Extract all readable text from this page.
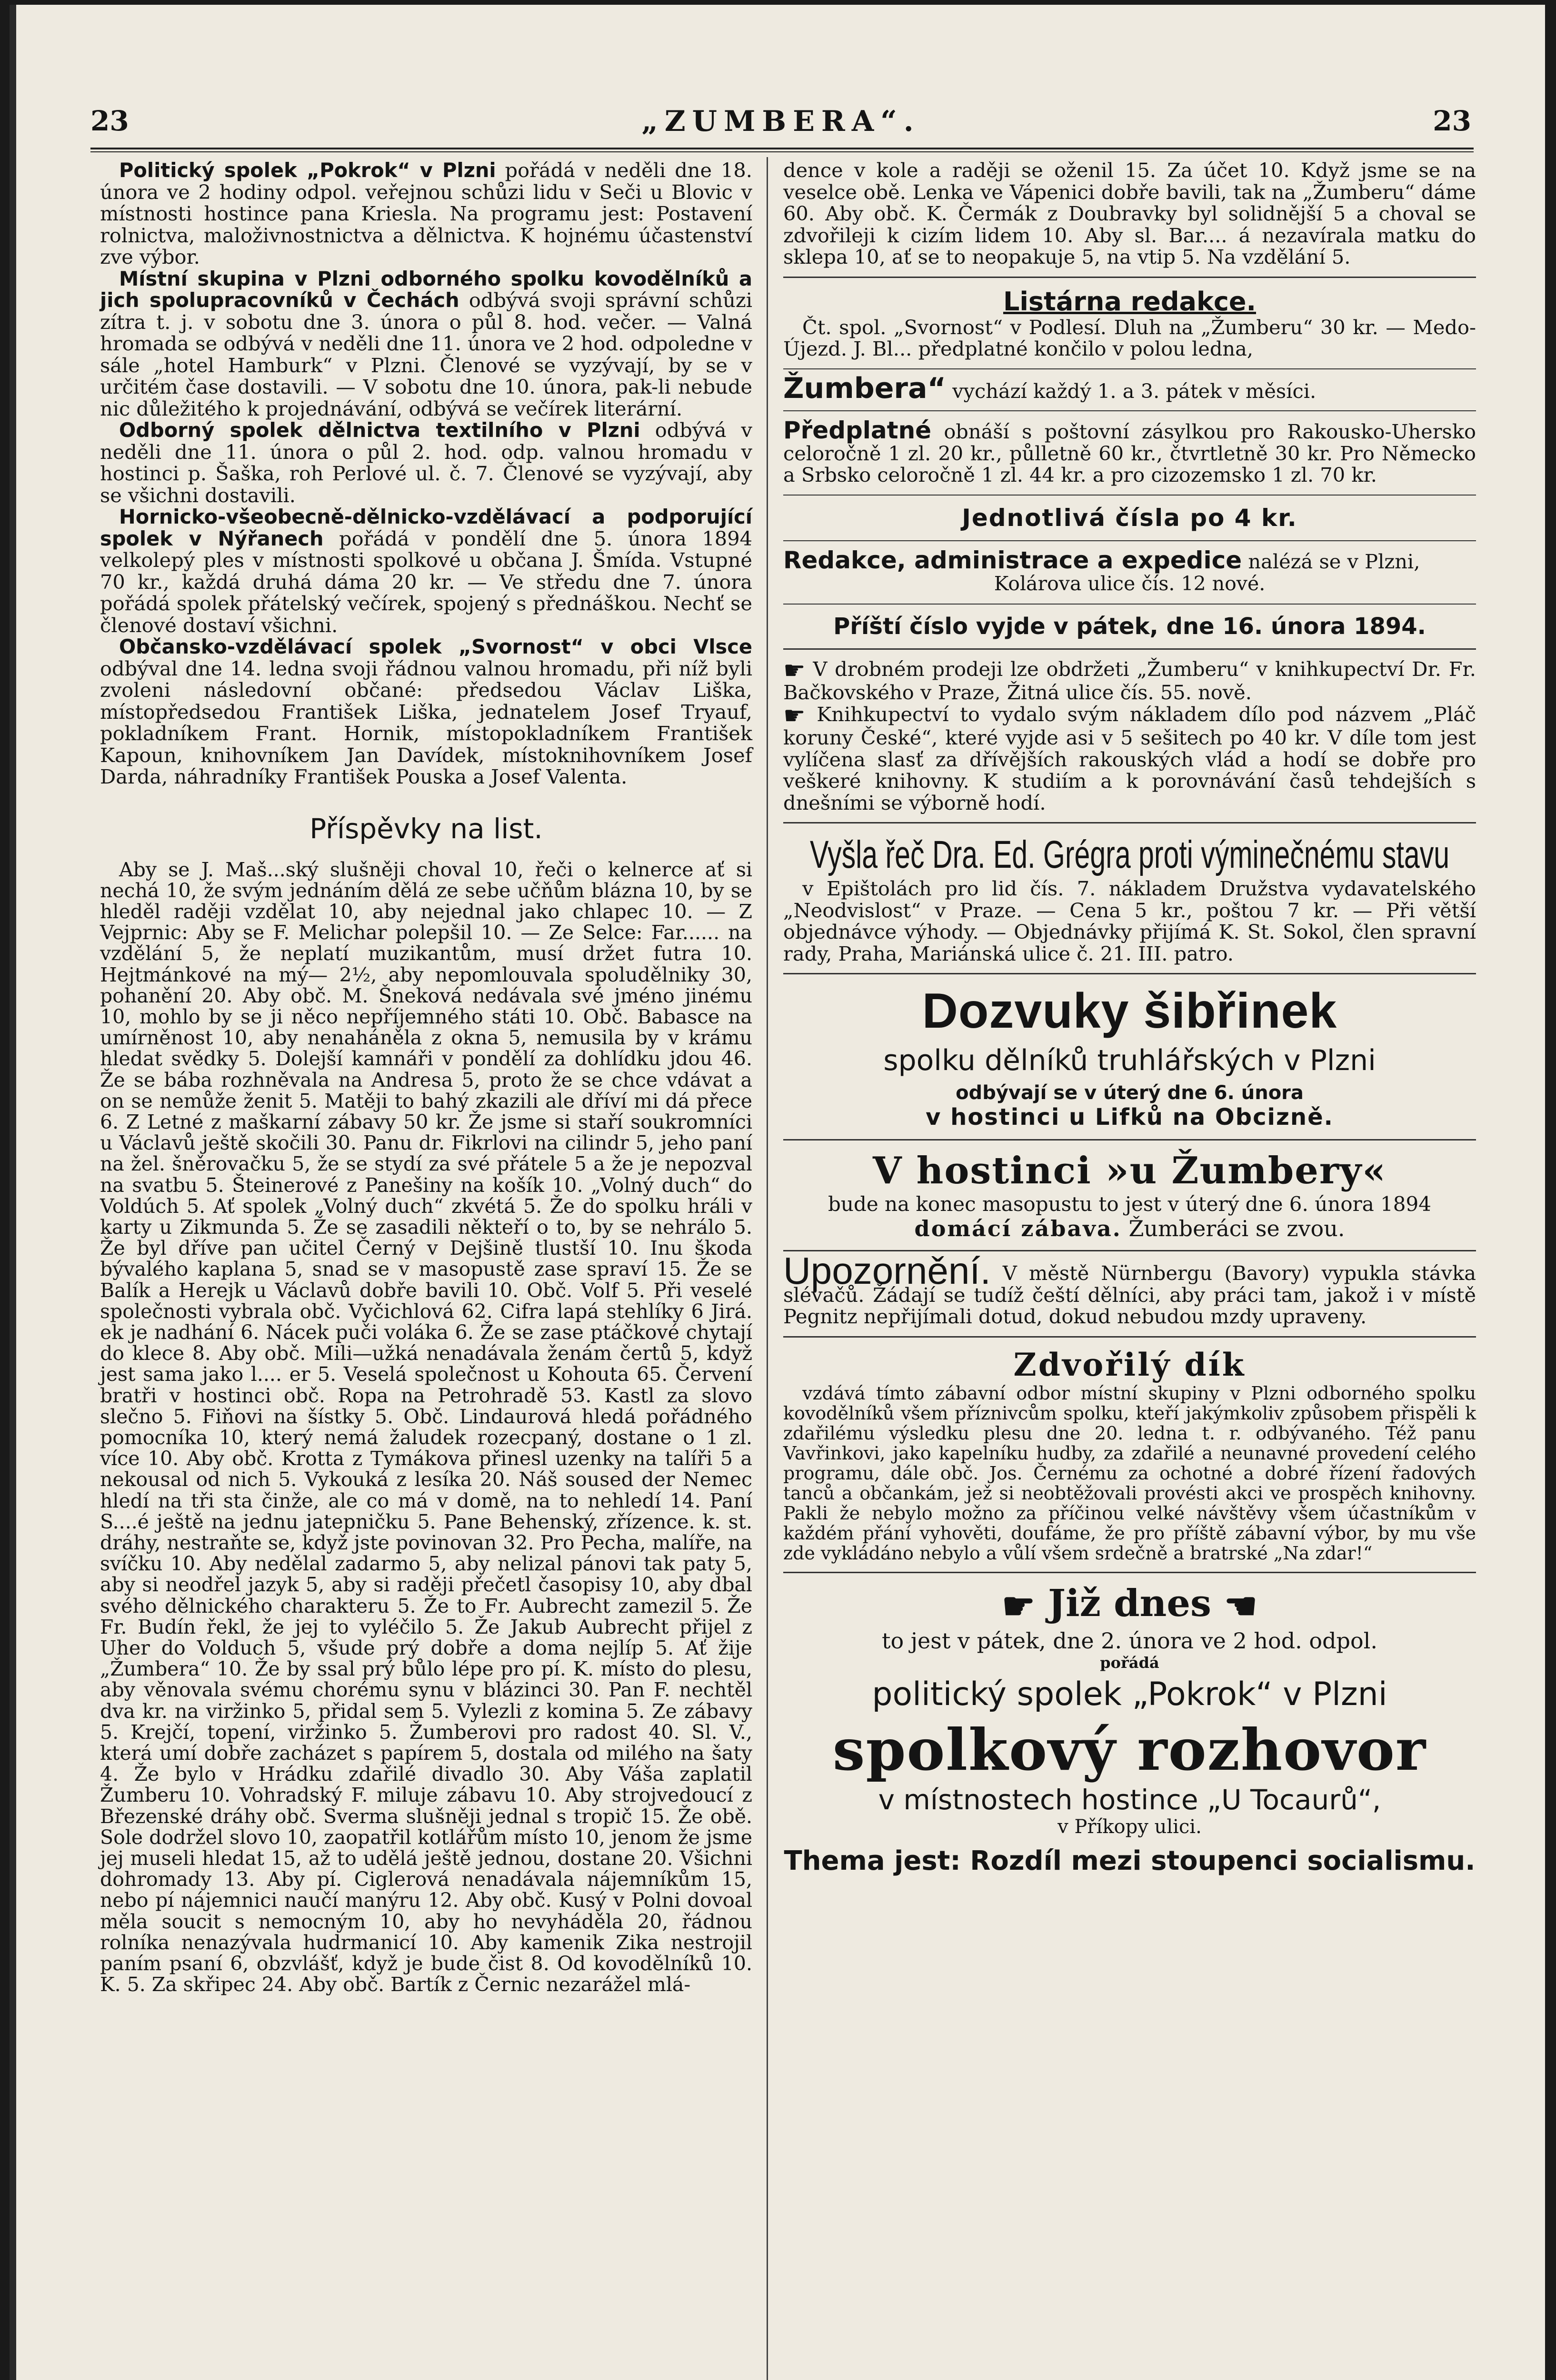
23	„ZUMBERA“.	23

Politický spolek „Pokrok“ v Plzni pořádá v neděli dne 18. února ve 2 hodiny odpol. veřejnou schůzi lidu v Seči u Blovic v místnosti hostince pana Kriesla. Na programu jest: Postavení rolnictva, maloživnostnictva a dělnictva. K hojnému účastenství zve výbor.

Místní skupina v Plzni odborného spolku kovodělníků a jich spolupracovníků v Čechách odbývá svoji správní schůzi zítra t. j. v sobotu dne 3. února o půl 8. hod. večer. — Valná hromada se odbývá v neděli dne 11. února ve 2 hod. odpoledne v sále „hotel Hamburk“ v Plzni. Členové se vyzývají, by se v určitém čase dostavili. — V sobotu dne 10. února, pak-li nebude nic důležitého k projednávání, odbývá se večírek literární.

Odborný spolek dělnictva textilního v Plzni odbývá v neděli dne 11. února o půl 2. hod. odp. valnou hromadu v hostinci p. Šaška, roh Perlové ul. č. 7. Členové se vyzývají, aby se všichni dostavili.

Hornicko-všeobecně-dělnicko-vzdělávací a podporující spolek v Nýřanech pořádá v pondělí dne 5. února 1894 velkolepý ples v místnosti spolkové u občana J. Šmída. Vstupné 70 kr., každá druhá dáma 20 kr. — Ve středu dne 7. února pořádá spolek přátelský večírek, spojený s přednáškou. Nechť se členové dostaví všichni.

Občansko-vzdělávací spolek „Svornost“ v obci Vlsce odbýval dne 14. ledna svoji řádnou valnou hromadu, při níž byli zvoleni následovní občané: předsedou Václav Liška, místopředsedou František Liška, jednatelem Josef Tryauf, pokladníkem Frant. Hornik, místopokladníkem František Kapoun, knihovníkem Jan Davídek, místoknihovníkem Josef Darda, náhradníky František Pouska a Josef Valenta.

Příspěvky na list.

Aby se J. Maš...ský slušněji choval 10, řeči o kelnerce ať si nechá 10, že svým jednáním dělá ze sebe učňům blázna 10, by se hleděl raději vzdělat 10, aby nejednal jako chlapec 10. — Z Vejprnic: Aby se F. Melichar polepšil 10. — Ze Selce: Far...... na vzdělání 5, že neplatí muzikantům, musí držet futra 10. Hejtmánkové na mý— 2½, aby nepomlouvala spoludělniky 30, pohanění 20. Aby obč. M. Šneková nedávala své jméno jinému 10, mohlo by se ji něco nepříjemného státi 10. Obč. Babasce na umírněnost 10, aby nenaháněla z okna 5, nemusila by v krámu hledat svědky 5. Dolejší kamnáři v pondělí za dohlídku jdou 46. Že se bába rozhněvala na Andresa 5, proto že se chce vdávat a on se nemůže ženit 5. Matěji to bahý zkazili ale dříví mi dá přece 6. Z Letné z maškarní zábavy 50 kr. Že jsme si staří soukromníci u Václavů ještě skočili 30. Panu dr. Fikrlovi na cilindr 5, jeho paní na žel. šněrovačku 5, že se stydí za své přátele 5 a že je nepozval na svatbu 5. Šteinerové z Panešiny na košík 10. „Volný duch“ do Voldúch 5. Ať spolek „Volný duch“ zkvétá 5. Že do spolku hráli v karty u Zikmunda 5. Že se zasadili někteří o to, by se nehrálo 5. Že byl dříve pan učitel Černý v Dejšině tlustší 10. Inu škoda bývalého kaplana 5, snad se v masopustě zase spraví 15. Že se Balík a Herejk u Václavů dobře bavili 10. Obč. Volf 5. Při veselé společnosti vybrala obč. Vyčichlová 62. Cifra lapá stehlíky 6 Jirá. ek je nadhání 6. Nácek puči voláka 6. Že se zase ptáčkové chytají do klece 8. Aby obč. Mili—užká nenadávala ženám čertů 5, když jest sama jako l.... er 5. Veselá společnost u Kohouta 65. Červení bratři v hostinci obč. Ropa na Petrohradě 53. Kastl za slovo slečno 5. Fiňovi na šístky 5. Obč. Lindaurová hledá pořádného pomocníka 10, který nemá žaludek rozecpaný, dostane o 1 zl. více 10. Aby obč. Krotta z Tymákova přinesl uzenky na talíři 5 a nekousal od nich 5. Vykouká z lesíka 20. Náš soused der Nemec hledí na tři sta činže, ale co má v domě, na to nehledí 14. Paní S....é ještě na jednu jateрničku 5. Pane Behenský, zřízence. k. st. dráhy, nestraňte se, když jste povinovan 32. Pro Pecha, malíře, na svíčku 10. Aby nedělal zadarmo 5, aby nelizal pánovi tak paty 5, aby si neodřel jazyk 5, aby si raději přečetl časopisy 10, aby dbal svého dělnického charakteru 5. Že to Fr. Aubrecht zamezil 5. Že Fr. Budín řekl, že jej to vyléčilo 5. Že Jakub Aubrecht přijel z Uher do Volduch 5, všude prý dobře a doma nejlíp 5. Ať žije „Žumbera“ 10. Že by ssal prý bůlo lépe pro pí. K. místo do plesu, aby věnovala svému chorému synu v blázinci 30. Pan F. nechtěl dva kr. na viržinko 5, přidal sem 5. Vylezli z komina 5. Ze zábavy 5. Krejčí, topení, viržinko 5. Žumberovi pro radost 40. Sl. V., která umí dobře zacházet s papírem 5, dostala od milého na šaty 4. Že bylo v Hrádku zdařilé divadlo 30. Aby Váša zaplatil Žumberu 10. Vohradský F. miluje zábavu 10. Aby strojvedoucí z Březenské dráhy obč. Sverma slušněji jednal s tropič 15. Že obě. Sole dodržel slovo 10, zaopatřil kotlářům místo 10, jenom že jsme jej museli hledat 15, až to udělá ještě jednou, dostane 20. Všichni dohromady 13. Aby pí. Ciglerová nenadávala nájemníkům 15, nebo pí nájemnici naučí manýru 12. Aby obč. Kusý v Polni dovoal měla soucit s nemocným 10, aby ho nevyháděla 20, řádnou rolníka nenazývala hudrmanicí 10. Aby kamenik Zika nestrojil paním psaní 6, obzvlášť, když je bude čist 8. Od kovodělníků 10. K. 5. Za skřipec 24. Aby obč. Bartík z Černic nezarážel mlá-

dence v kole a raději se oženil 15. Za účet 10. Když jsme se na veselce obě. Lenka ve Vápenici dobře bavili, tak na „Žumberu“ dáme 60. Aby obč. K. Čermák z Doubravky byl solidnější 5 a choval se zdvořileji k cizím lidem 10. Aby sl. Bar.... á nezavírala matku do sklepa 10, ať se to neopakuje 5, na vtip 5. Na vzdělání 5.

Listárna redakce.

Čt. spol. „Svornost“ v Podlesí. Dluh na „Žumberu“ 30 kr. — Medo-Újezd. J. Bl... předplatné končilo v polou ledna,

Žumbera“ vychází každý 1. a 3. pátek v měsíci.

Předplatné obnáší s poštovní zásylkou pro Rakousko-Uhersko celoročně 1 zl. 20 kr., půlletně 60 kr., čtvrtletně 30 kr. Pro Německo a Srbsko celoročně 1 zl. 44 kr. a pro cizozemsko 1 zl. 70 kr.

Jednotlivá čísla po 4 kr.

Redakce, administrace a expedice nalézá se v Plzni,

Kolárova ulice čís. 12 nové.
Příští číslo vyjde v pátek, dne 16. února 1894.

☛ V drobném prodeji lze obdržeti „Žumberu“ v knihkupectví Dr. Fr. Bačkovského v Praze, Žitná ulice čís. 55. nově.

☛ Knihkupectví to vydalo svým nákladem dílo pod názvem „Pláč koruny České“, které vyjde asi v 5 sešitech po 40 kr. V díle tom jest vylíčena slasť za dřívějších rakouských vlád a hodí se dobře pro veškeré knihovny. K studiím a k porovnávání časů tehdejších s dnešními se výborně hodí.

Vyšla řeč Dra. Ed. Grégra proti výminečnému stavu

v Epištolách pro lid čís. 7. nákladem Družstva vydavatelského „Neodvislost“ v Praze. — Cena 5 kr., poštou 7 kr. — Při větší objednávce výhody. — Objednávky přijímá K. St. Sokol, člen spravní rady, Praha, Mariánská ulice č. 21. III. patro.

Dozvuky šibřinek
spolku dělníků truhlářských v Plzni
odbývají se v úterý dne 6. února
v hostinci u Lifků na Obcizně.
V hostinci »u Žumbery«
bude na konec masopustu to jest v úterý dne 6. února 1894
domácí zábava. Žumberáci se zvou.

Upozornění. V městě Nürnbergu (Bavory) vypukla stávka slévačů. Žádají se tudíž čeští dělníci, aby práci tam, jakož i v místě Pegnitz nepřijímali dotud, dokud nebudou mzdy upraveny.

Zdvořilý dík

vzdává tímto zábavní odbor místní skupiny v Plzni odborného spolku kovodělníků všem příznivcům spolku, kteří jakýmkoliv způsobem přispěli k zdařilému výsledku plesu dne 20. ledna t. r. odbývaného. Též panu Vavřinkovi, jako kapelníku hudby, za zdařilé a neunavné provedení celého programu, dále obč. Jos. Černému za ochotné a dobré řízení řadových tanců a občankám, jež si neobtěžovali provésti akci ve prospěch knihovny. Pakli že nebylo možno za příčinou velké návštěvy všem účastníkům v každém přání vyhověti, doufáme, že pro příště zábavní výbor, by mu vše zde vykládáno nebylo a vůlí všem srdečně a bratrské „Na zdar!“

☛ Již dnes ☛
to jest v pátek, dne 2. února ve 2 hod. odpol.
pořádá
politický spolek „Pokrok“ v Plzni
spolkový rozhovor
v místnostech hostince „U Tocaurů“,
v Příkopy ulici.
Thema jest: Rozdíl mezi stoupenci socialismu.
